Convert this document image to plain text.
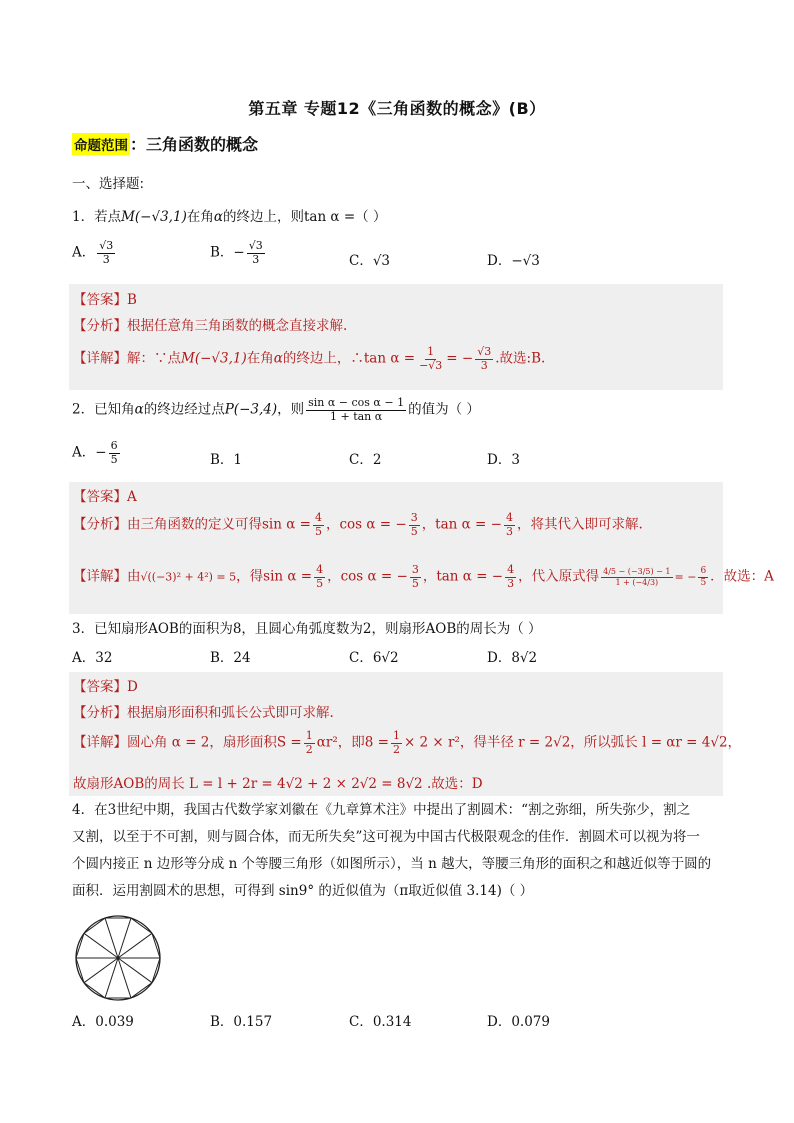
第五章 专题12《三角函数的概念》(B）
命题范围 ： 三角函数的概念
一、选择题:
1．若点M(−√3,1)在角α的终边上，则tan α =（ ）
A． $\frac{√3}{3}$	B．− $\frac{√3}{3}$	C．√3	D．−√3
【答案】B
【分析】根据任意角三角函数的概念直接求解.
【详解】解：∵点M(−√3,1)在角α的终边上，∴tan $\alpha = \frac{1}{-√3}$ = − $\frac{√3}{3}$ .故选:B.
2．已知角α的终边经过点P(−3,4)，则 $\frac{\text{sin α − cos α − 1}}{\text{1 + tan α}}$ 的值为（ ）
A．− $\frac{6}{5}$	B．1	C．2	D．3
【答案】A
【分析】由三角函数的定义可得$\sin \alpha = \frac{4}{5}$ ，cos α = − $\frac{3}{5}$ ，tan α = − $\frac{4}{3}$ ，将其代入即可求解.
【详解】由√((−3)² + 4²) = 5，得$\sin \alpha = \frac{4}{5}$ ，cos α = − $\frac{3}{5}$ ，tan α = − $\frac{4}{3}$ ，代入原式得 $\frac{4/5 - (-3/5) - 1}{1 + (-4/3)}$ = − $\frac{6}{5}$ ．故选：A
3．已知扇形AOB的面积为8，且圆心角弧度数为2，则扇形AOB的周长为（ ）
A．32	B．24	C．6√2	D．8√2
【答案】D
【分析】根据扇形面积和弧长公式即可求解.
【详解】圆心角 α = 2，扇形面积$S = \frac{1}{2} \alpha r^2$，即$8 = \frac{1}{2} \times 2 \times r^2$，得半径 r = 2√2，所以弧长 l = αr = 4√2，
故扇形AOB的周长 L = l + 2r = 4√2 + 2 × 2√2 = 8√2 .故选：D
4．在3世纪中期，我国古代数学家刘徽在《九章算术注》中提出了割圆术：“割之弥细，所失弥少，割之
又割，以至于不可割，则与圆合体，而无所失矣”这可视为中国古代极限观念的佳作．割圆术可以视为将一
个圆内接正 n 边形等分成 n 个等腰三角形（如图所示），当 n 越大，等腰三角形的面积之和越近似等于圆的
面积．运用割圆术的思想，可得到 sin9° 的近似值为（π取近似值 3.14)（ ）
A．0.039	B．0.157	C．0.314	D．0.079
